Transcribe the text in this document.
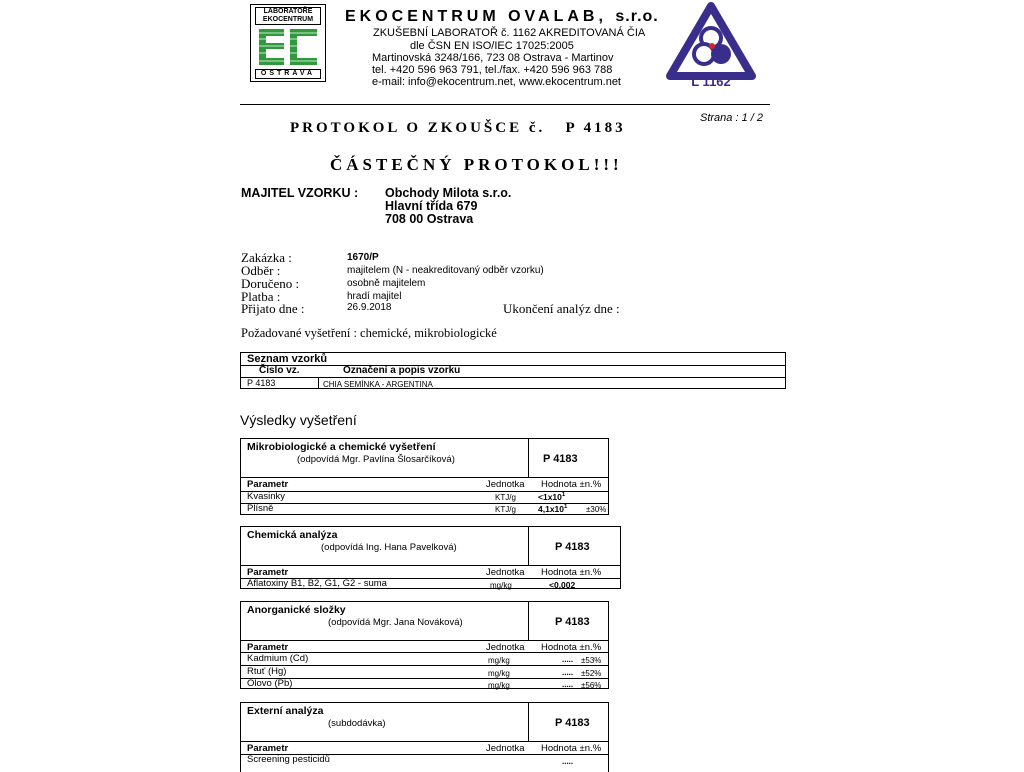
LABORATOŘE EKOCENTRUM
OSTRAVA
EKOCENTRUM OVALAB, s.r.o.
ZKUŠEBNÍ LABORATOŘ č. 1162 AKREDITOVANÁ ČIA
dle ČSN EN ISO/IEC 17025:2005
Martinovská 3248/166, 723 08 Ostrava - Martinov
tel. +420 596 963 791, tel./fax. +420 596 963 788
e-mail: info@ekocentrum.net, www.ekocentrum.net	L 1162
Strana : 1 / 2
PROTOKOL O ZKOUŠCE č. P 4183
ČÁSTEČNÝ PROTOKOL!!!
MAJITEL VZORKU : Obchody Milota s.r.o.
Hlavní třída 679
708 00 Ostrava
Zakázka :	1670/P
Odběr :	majitelem (N - neakreditovaný odběr vzorku)
Doručeno :	osobně majitelem
Platba :	hradí majitel
Přijato dne :	26.9.2018	Ukončení analýz dne :
Požadované vyšetření : chemické, mikrobiologické
Seznam vzorků
Číslo vz.	Označení a popis vzorku
P 4183	CHIA SEMÍNKA - ARGENTINA
Výsledky vyšetření
Mikrobiologické a chemické vyšetření
(odpovídá Mgr. Pavlína Šlosarčíková)	P 4183
Parametr	Jednotka Hodnota ±n.%
Kvasinky	KTJ/g	$<1x10^1$
Plísně	KTJ/g	$4,1x10^1 \pm 30\%$
Chemická analýza
(odpovídá Ing. Hana Pavelková)	P 4183
Parametr	Jednotka Hodnota ±n.%
Aflatoxiny B1, B2, G1, G2 - suma	mg/kg	<0,002
Anorganické složky
(odpovídá Mgr. Jana Nováková)	P 4183
Parametr	Jednotka Hodnota ±n.%
Kadmium (Cd)	mg/kg	..... ±53%
Rtuť (Hg)	mg/kg	..... ±52%
Olovo (Pb)	mg/kg	..... ±56%
Externí analýza
(subdodávka)	P 4183
Parametr	Jednotka Hodnota ±n.%
Screening pesticidů	.....
